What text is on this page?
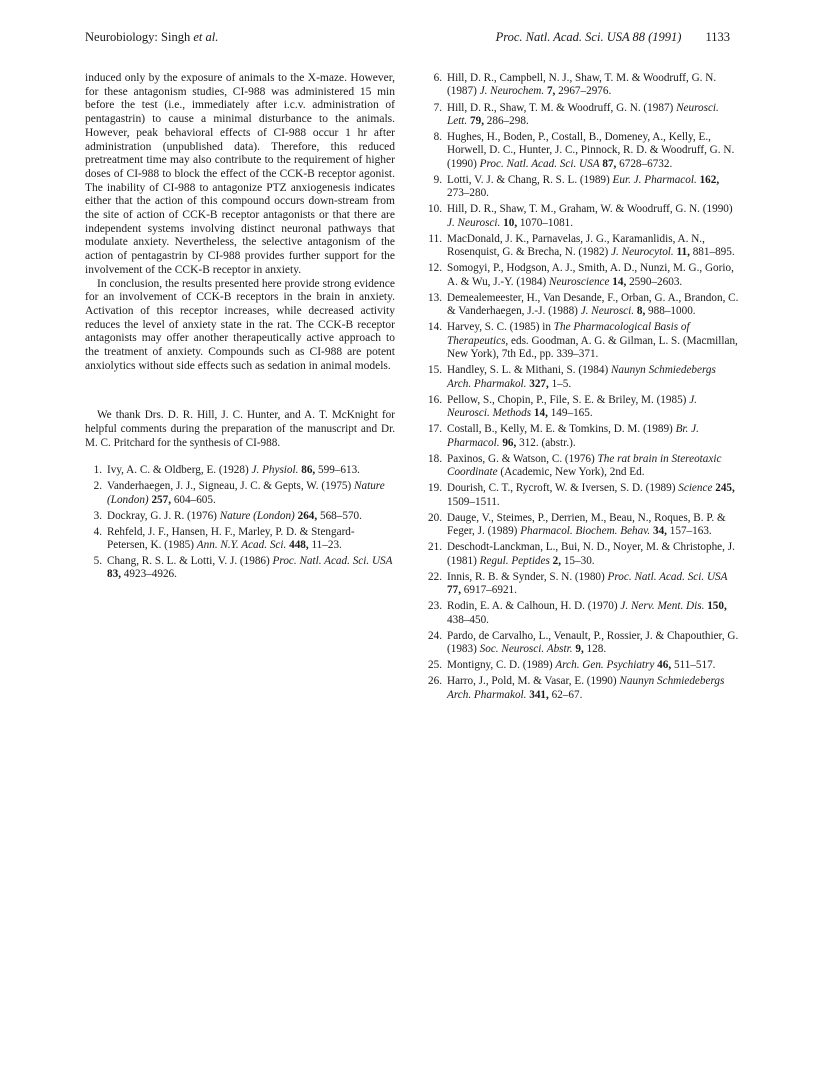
Neurobiology: Singh et al.	Proc. Natl. Acad. Sci. USA 88 (1991) 1133

induced only by the exposure of animals to the X-maze. However, for these antagonism studies, CI-988 was administered 15 min before the test (i.e., immediately after i.c.v. administration of pentagastrin) to cause a minimal disturbance to the animals. However, peak behavioral effects of CI-988 occur 1 hr after administration (unpublished data). Therefore, this reduced pretreatment time may also contribute to the requirement of higher doses of CI-988 to block the effect of the CCK-B receptor agonist. The inability of CI-988 to antagonize PTZ anxiogenesis indicates either that the action of this compound occurs down-stream from the site of action of CCK-B receptor antagonists or that there are independent systems involving distinct neuronal pathways that modulate anxiety. Nevertheless, the selective antagonism of the action of pentagastrin by CI-988 provides further support for the involvement of the CCK-B receptor in anxiety.

In conclusion, the results presented here provide strong evidence for an involvement of CCK-B receptors in the brain in anxiety. Activation of this receptor increases, while decreased activity reduces the level of anxiety state in the rat. The CCK-B receptor antagonists may offer another therapeutically active approach to the treatment of anxiety. Compounds such as CI-988 are potent anxiolytics without side effects such as sedation in animal models.

We thank Drs. D. R. Hill, J. C. Hunter, and A. T. McKnight for helpful comments during the preparation of the manuscript and Dr. M. C. Pritchard for the synthesis of CI-988.

1 . Ivy, A. C. & Oldberg, E. (1928) J. Physiol. 86, 599–613.
2 . Vanderhaegen, J. J., Signeau, J. C. & Gepts, W. (1975) Nature (London) 257, 604–605.
3 . Dockray, G. J. R. (1976) Nature (London) 264, 568–570.
4 . Rehfeld, J. F., Hansen, H. F., Marley, P. D. & Stengard-Petersen, K. (1985) Ann. N.Y. Acad. Sci. 448, 11–23.
5 . Chang, R. S. L. & Lotti, V. J. (1986) Proc. Natl. Acad. Sci. USA 83, 4923–4926.
6 . Hill, D. R., Campbell, N. J., Shaw, T. M. & Woodruff, G. N. (1987) J. Neurochem. 7, 2967–2976.
7 . Hill, D. R., Shaw, T. M. & Woodruff, G. N. (1987) Neurosci. Lett. 79, 286–298.
8 . Hughes, H., Boden, P., Costall, B., Domeney, A., Kelly, E., Horwell, D. C., Hunter, J. C., Pinnock, R. D. & Woodruff, G. N. (1990) Proc. Natl. Acad. Sci. USA 87, 6728–6732.
9 . Lotti, V. J. & Chang, R. S. L. (1989) Eur. J. Pharmacol. 162, 273–280.
10 . Hill, D. R., Shaw, T. M., Graham, W. & Woodruff, G. N. (1990) J. Neurosci. 10, 1070–1081.
11 . MacDonald, J. K., Parnavelas, J. G., Karamanlidis, A. N., Rosenquist, G. & Brecha, N. (1982) J. Neurocytol. 11, 881–895.
12 . Somogyi, P., Hodgson, A. J., Smith, A. D., Nunzi, M. G., Gorio, A. & Wu, J.-Y. (1984) Neuroscience 14, 2590–2603.
13 . Demealemeester, H., Van Desande, F., Orban, G. A., Brandon, C. & Vanderhaegen, J.-J. (1988) J. Neurosci. 8, 988–1000.
14 . Harvey, S. C. (1985) in The Pharmacological Basis of Therapeutics, eds. Goodman, A. G. & Gilman, L. S. (Macmillan, New York), 7th Ed., pp. 339–371.
15 . Handley, S. L. & Mithani, S. (1984) Naunyn Schmiedebergs Arch. Pharmakol. 327, 1–5.
16 . Pellow, S., Chopin, P., File, S. E. & Briley, M. (1985) J. Neurosci. Methods 14, 149–165.
17 . Costall, B., Kelly, M. E. & Tomkins, D. M. (1989) Br. J. Pharmacol. 96, 312. (abstr.).
18 . Paxinos, G. & Watson, C. (1976) The rat brain in Stereotaxic Coordinate (Academic, New York), 2nd Ed.
19 . Dourish, C. T., Rycroft, W. & Iversen, S. D. (1989) Science 245, 1509–1511.
20 . Dauge, V., Steimes, P., Derrien, M., Beau, N., Roques, B. P. & Feger, J. (1989) Pharmacol. Biochem. Behav. 34, 157–163.
21 . Deschodt-Lanckman, L., Bui, N. D., Noyer, M. & Christophe, J. (1981) Regul. Peptides 2, 15–30.
22 . Innis, R. B. & Synder, S. N. (1980) Proc. Natl. Acad. Sci. USA 77, 6917–6921.
23 . Rodin, E. A. & Calhoun, H. D. (1970) J. Nerv. Ment. Dis. 150, 438–450.
24 . Pardo, de Carvalho, L., Venault, P., Rossier, J. & Chapouthier, G. (1983) Soc. Neurosci. Abstr. 9, 128.
25 . Montigny, C. D. (1989) Arch. Gen. Psychiatry 46, 511–517.
26 . Harro, J., Pold, M. & Vasar, E. (1990) Naunyn Schmiedebergs Arch. Pharmakol. 341, 62–67.
